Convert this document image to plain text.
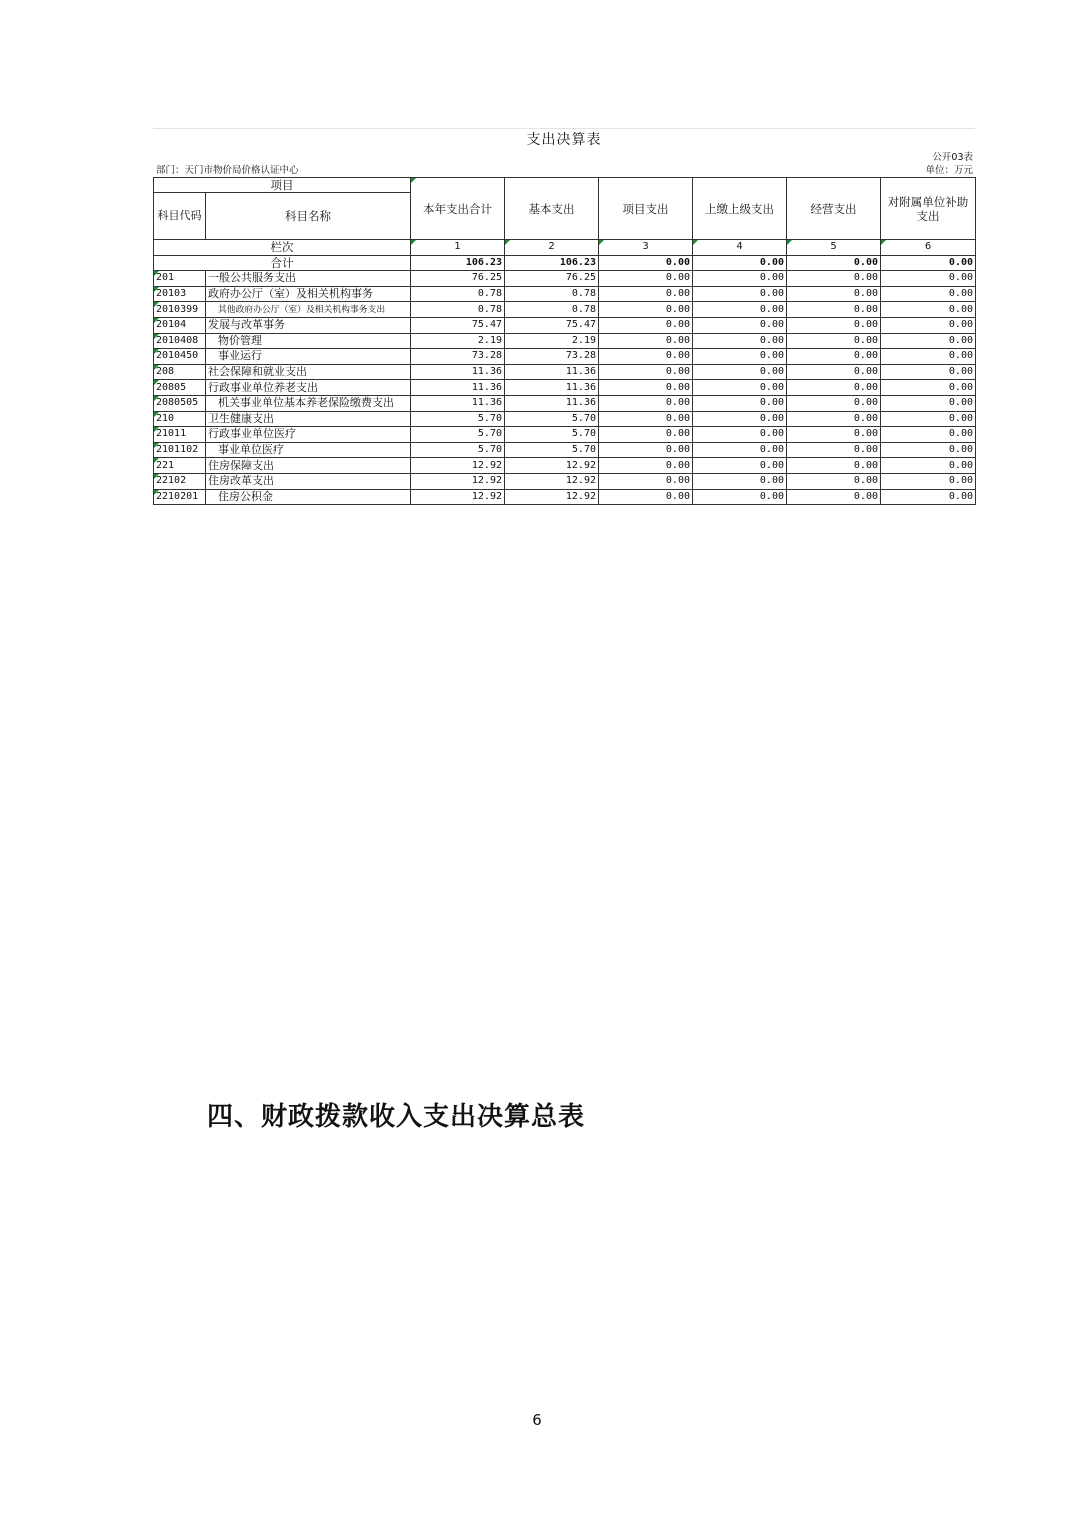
支出决算表
公开03表
部门：天门市物价局价格认证中心	单位：万元
项目		本年支出合计	基本支出	项目支出	上缴上级支出	经营支出	对附属单位补助支出
科目代码	科目名称						
栏次		1	2	3	4	5	6
合计		106.23	106.23	0.00	0.00	0.00	0.00
201	一般公共服务支出	76.25	76.25	0.00	0.00	0.00	0.00
20103	政府办公厅（室）及相关机构事务	0.78	0.78	0.00	0.00	0.00	0.00
2010399	其他政府办公厅（室）及相关机构事务支出	0.78	0.78	0.00	0.00	0.00	0.00
20104	发展与改革事务	75.47	75.47	0.00	0.00	0.00	0.00
2010408	物价管理	2.19	2.19	0.00	0.00	0.00	0.00
2010450	事业运行	73.28	73.28	0.00	0.00	0.00	0.00
208	社会保障和就业支出	11.36	11.36	0.00	0.00	0.00	0.00
20805	行政事业单位养老支出	11.36	11.36	0.00	0.00	0.00	0.00
2080505	机关事业单位基本养老保险缴费支出	11.36	11.36	0.00	0.00	0.00	0.00
210	卫生健康支出	5.70	5.70	0.00	0.00	0.00	0.00
21011	行政事业单位医疗	5.70	5.70	0.00	0.00	0.00	0.00
2101102	事业单位医疗	5.70	5.70	0.00	0.00	0.00	0.00
221	住房保障支出	12.92	12.92	0.00	0.00	0.00	0.00
22102	住房改革支出	12.92	12.92	0.00	0.00	0.00	0.00
2210201	住房公积金	12.92	12.92	0.00	0.00	0.00	0.00
四、财政拨款收入支出决算总表
6
